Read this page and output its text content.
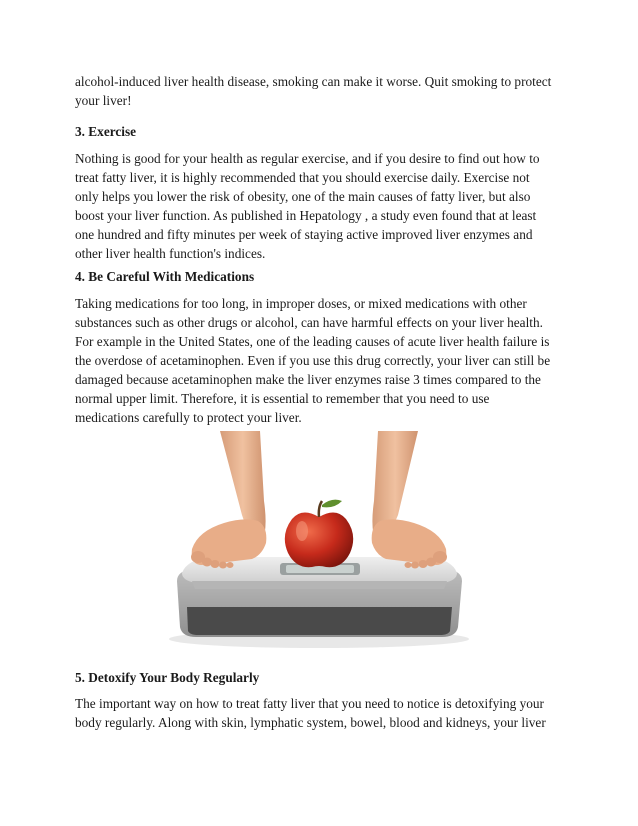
alcohol-induced liver health disease, smoking can make it worse. Quit smoking to protect
your liver!

3. Exercise

Nothing is good for your health as regular exercise, and if you desire to find out how to
treat fatty liver, it is highly recommended that you should exercise daily. Exercise not
only helps you lower the risk of obesity, one of the main causes of fatty liver, but also
boost your liver function. As published in Hepatology , a study even found that at least
one hundred and fifty minutes per week of staying active improved liver enzymes and
other liver health function's indices.

4. Be Careful With Medications

Taking medications for too long, in improper doses, or mixed medications with other
substances such as other drugs or alcohol, can have harmful effects on your liver health.
For example in the United States, one of the leading causes of acute liver health failure is
the overdose of acetaminophen. Even if you use this drug correctly, your liver can still be
damaged because acetaminophen make the liver enzymes raise 3 times compared to the
normal upper limit. Therefore, it is essential to remember that you need to use
medications carefully to protect your liver.

5. Detoxify Your Body Regularly

The important way on how to treat fatty liver that you need to notice is detoxifying your
body regularly. Along with skin, lymphatic system, bowel, blood and kidneys, your liver
